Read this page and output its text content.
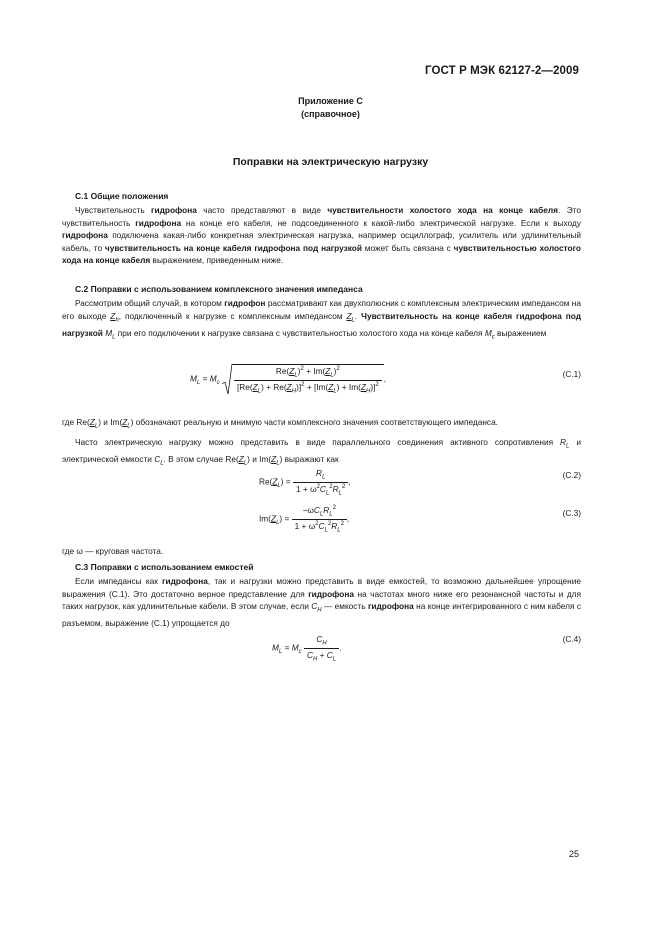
ГОСТ Р МЭК 62127-2—2009
Приложение С
(справочное)
Поправки на электрическую нагрузку
С.1 Общие положения

Чувствительность гидрофона часто представляют в виде чувствительности холостого хода на конце кабеля. Это чувствительность гидрофона на конце его кабеля, не подсоединенного к какой-либо электрической нагрузке. Если к выходу гидрофона подключена какая-либо конкретная электрическая нагрузка, например осциллограф, усилитель или удлинительный кабель, то чувствительность на конце кабеля гидрофона под нагрузкой может быть связана с чувствительностью холостого хода на конце кабеля выражением, приведенным ниже.

С.2 Поправки с использованием комплексного значения импеданса

Рассмотрим общий случай, в котором гидрофон рассматривают как двухполюсник с комплексным электрическим импедансом на его выходе $Z_h$, подключенный к нагрузке с комплексным импедансом $Z_L$. Чувствительность на конце кабеля гидрофона под нагрузкой $M_L$ при его подключении к нагрузке связана с чувствительностью холостого хода на конце кабеля $M_c$ выражением

$M_L = M_c \frac{Re(Z_L)^2 + Im(Z_L)^2}{[Re(Z_L) + Re(Z_H)]^2 + [Im(Z_L) + Im(Z_H)]^2}$ ,	(С.1)

где $Re(Z_L)$ и $Im(Z_L)$ обозначают реальную и мнимую части комплексного значения соответствующего импеданса.

Часто электрическую нагрузку можно представить в виде параллельного соединения активного сопротивления $R_L$ и электрической емкости $C_L$. В этом случае $Re(Z_L)$ и $Im(Z_L)$ выражают как

$Re(Z_L) = \frac{R_L}{1 + \omega^2C_L^2R_L^2}$ ,
(С.2)
$Im(Z_L) = \frac{-\omega C_LR_L^2}{1 + \omega^2C_L^2R_L^2}$ ,
(С.3)

где ω — круговая частота.

С.3 Поправки с использованием емкостей

Если импедансы как гидрофона, так и нагрузки можно представить в виде емкостей, то возможно дальнейшее упрощение выражения (С.1). Это достаточно верное представление для гидрофона на частотах много ниже его резонансной частоты и для таких нагрузок, как удлинительные кабели. В этом случае, если $C_H$ — емкость гидрофона на конце интегрированного с ним кабеля с разъемом, выражение (С.1) упрощается до

$M_L = M_c \frac{C_H}{C_H + C_L}$ .
(С.4)
25
